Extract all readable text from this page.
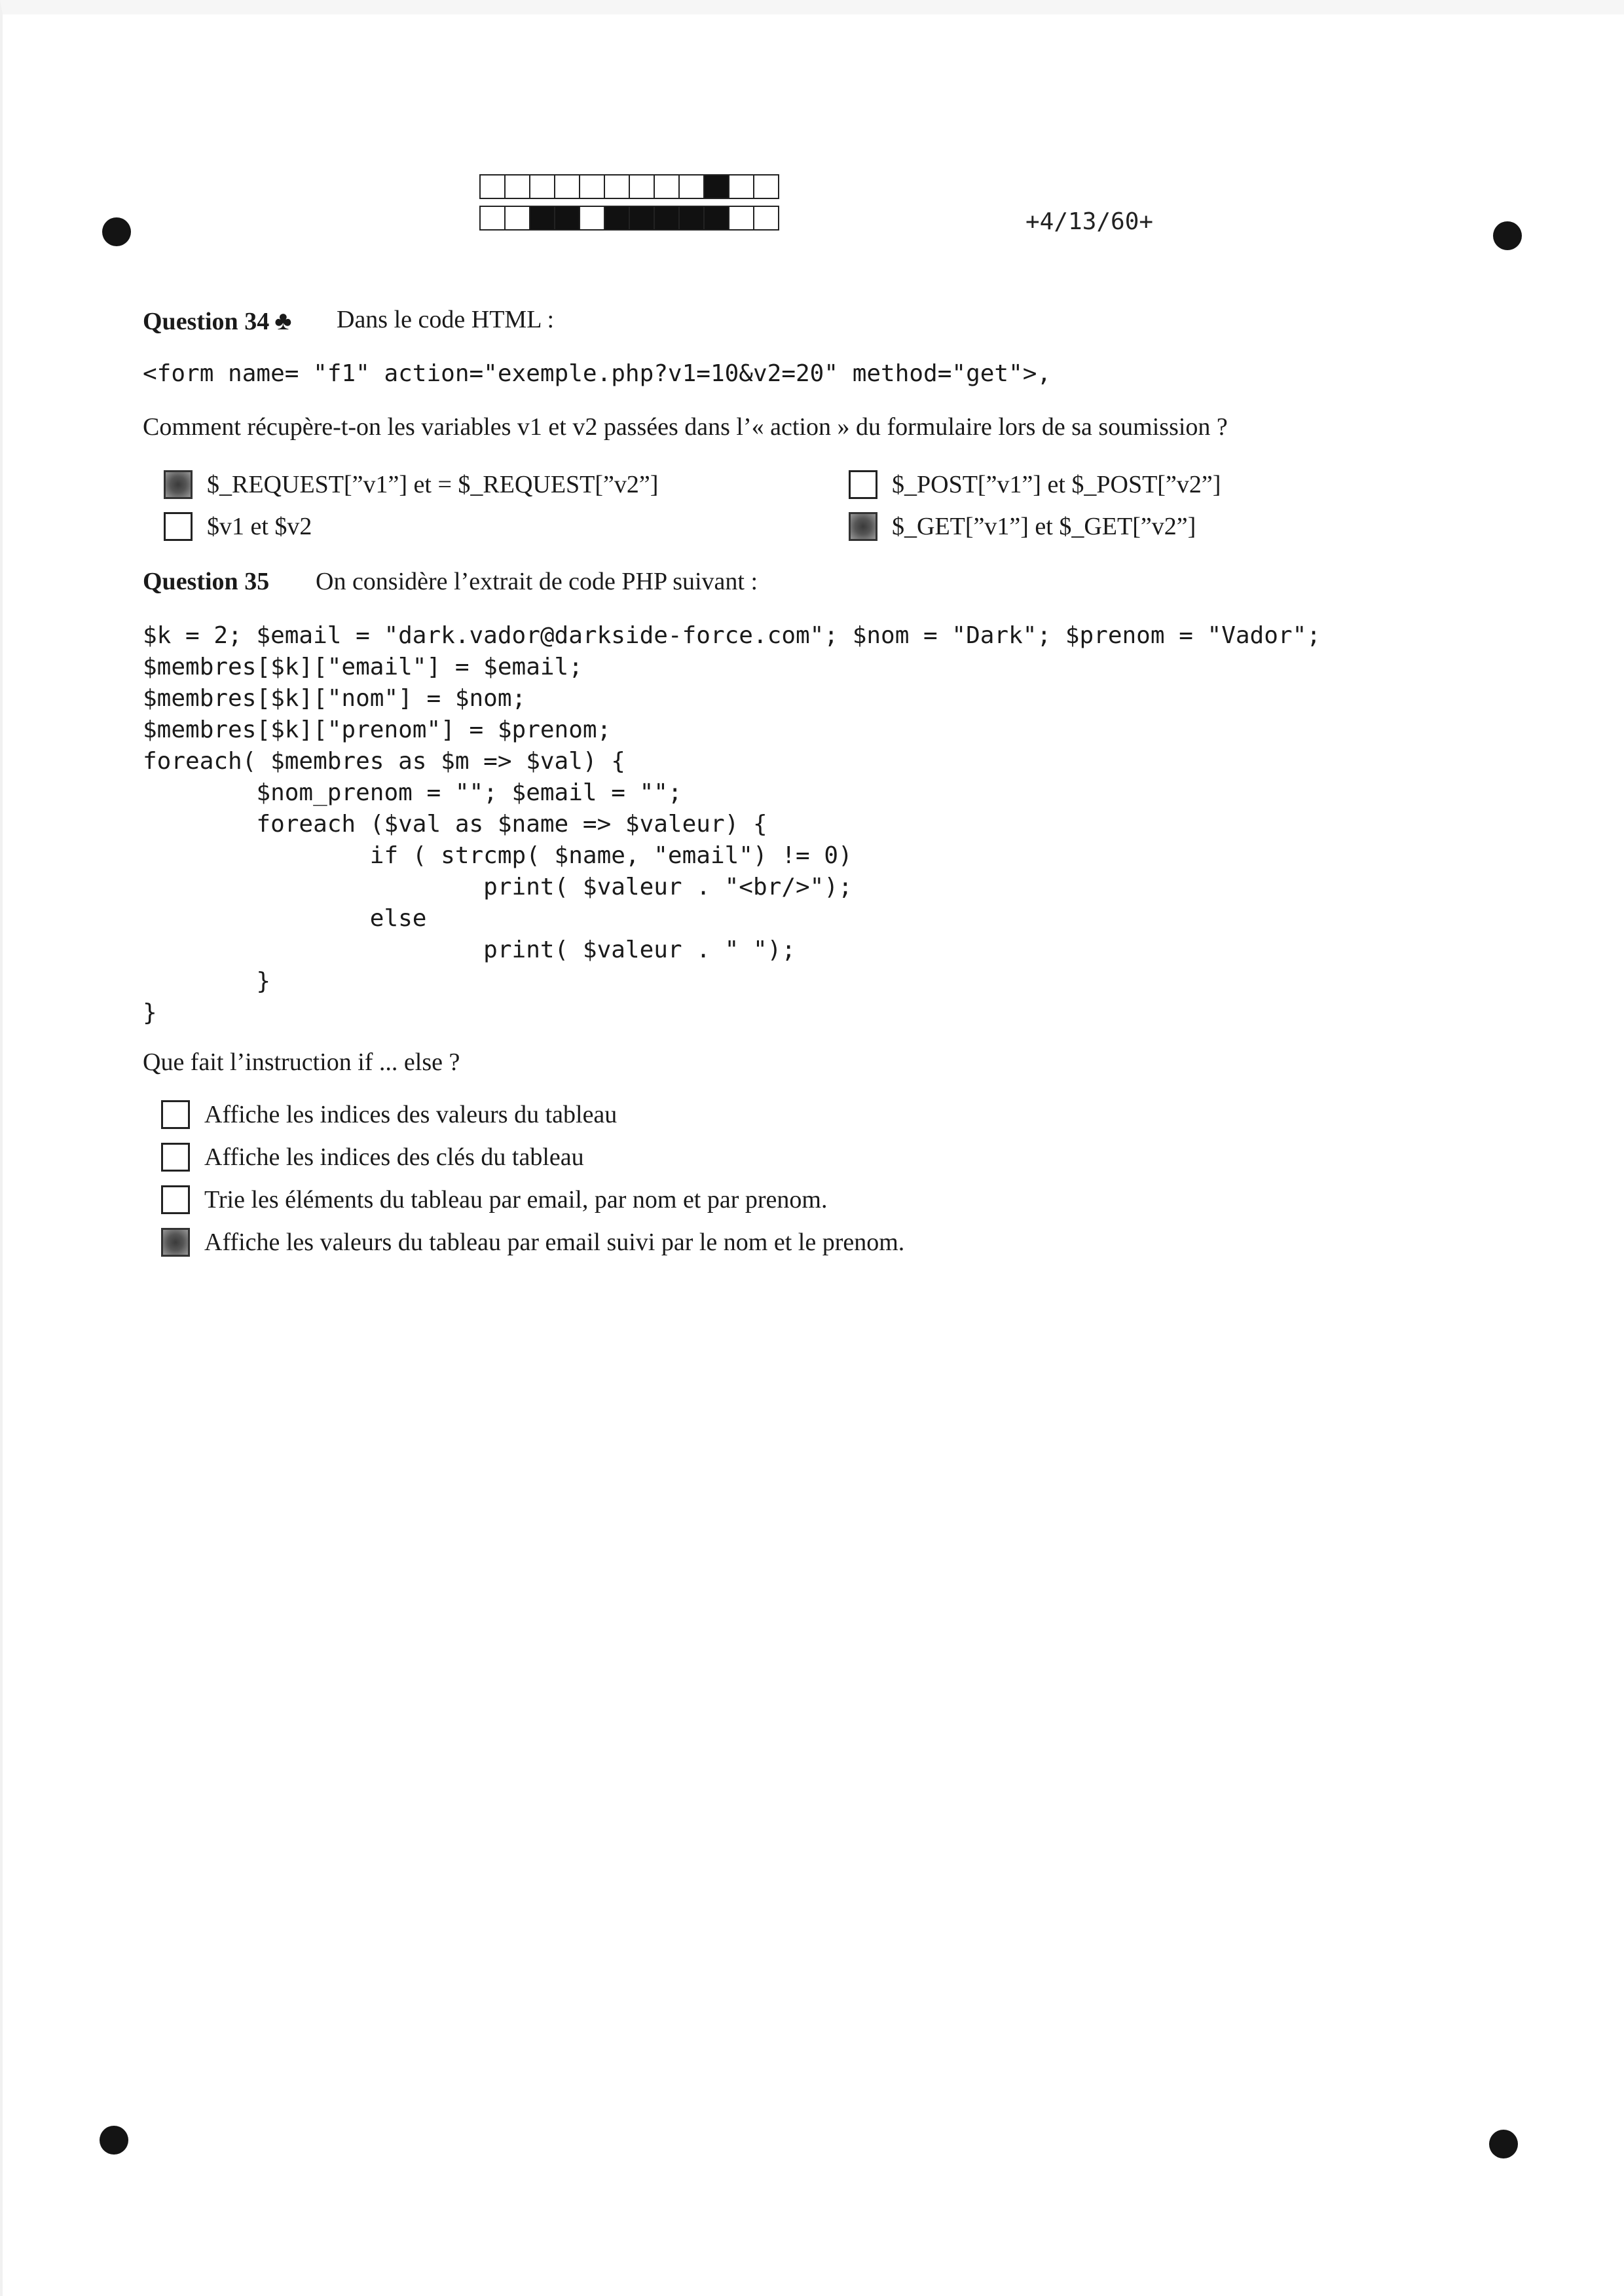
+4/13/60+
Question 34 ♣ Dans le code HTML :
<form name= "f1" action="exemple.php?v1=10&v2=20" method="get">,
Comment récupère-t-on les variables v1 et v2 passées dans l’« action » du formulaire lors de sa soumission ?
$_REQUEST[”v1”] et = $_REQUEST[”v2”]	$_POST[”v1”] et $_POST[”v2”]
$v1 et $v2	$_GET[”v1”] et $_GET[”v2”]
Question 35 On considère l’extrait de code PHP suivant :
$k = 2; $email = "dark.vador@darkside-force.com"; $nom = "Dark"; $prenom = "Vador";
$membres[$k]["email"] = $email;
$membres[$k]["nom"] = $nom;
$membres[$k]["prenom"] = $prenom;
foreach( $membres as $m => $val) {
$nom_prenom = ""; $email = "";
foreach ($val as $name => $valeur) {
if ( strcmp( $name, "email") != 0)
print( $valeur . "<br/>");
else
print( $valeur . " ");
}
}
Que fait l’instruction if ... else ?
Affiche les indices des valeurs du tableau
Affiche les indices des clés du tableau
Trie les éléments du tableau par email, par nom et par prenom.
Affiche les valeurs du tableau par email suivi par le nom et le prenom.
